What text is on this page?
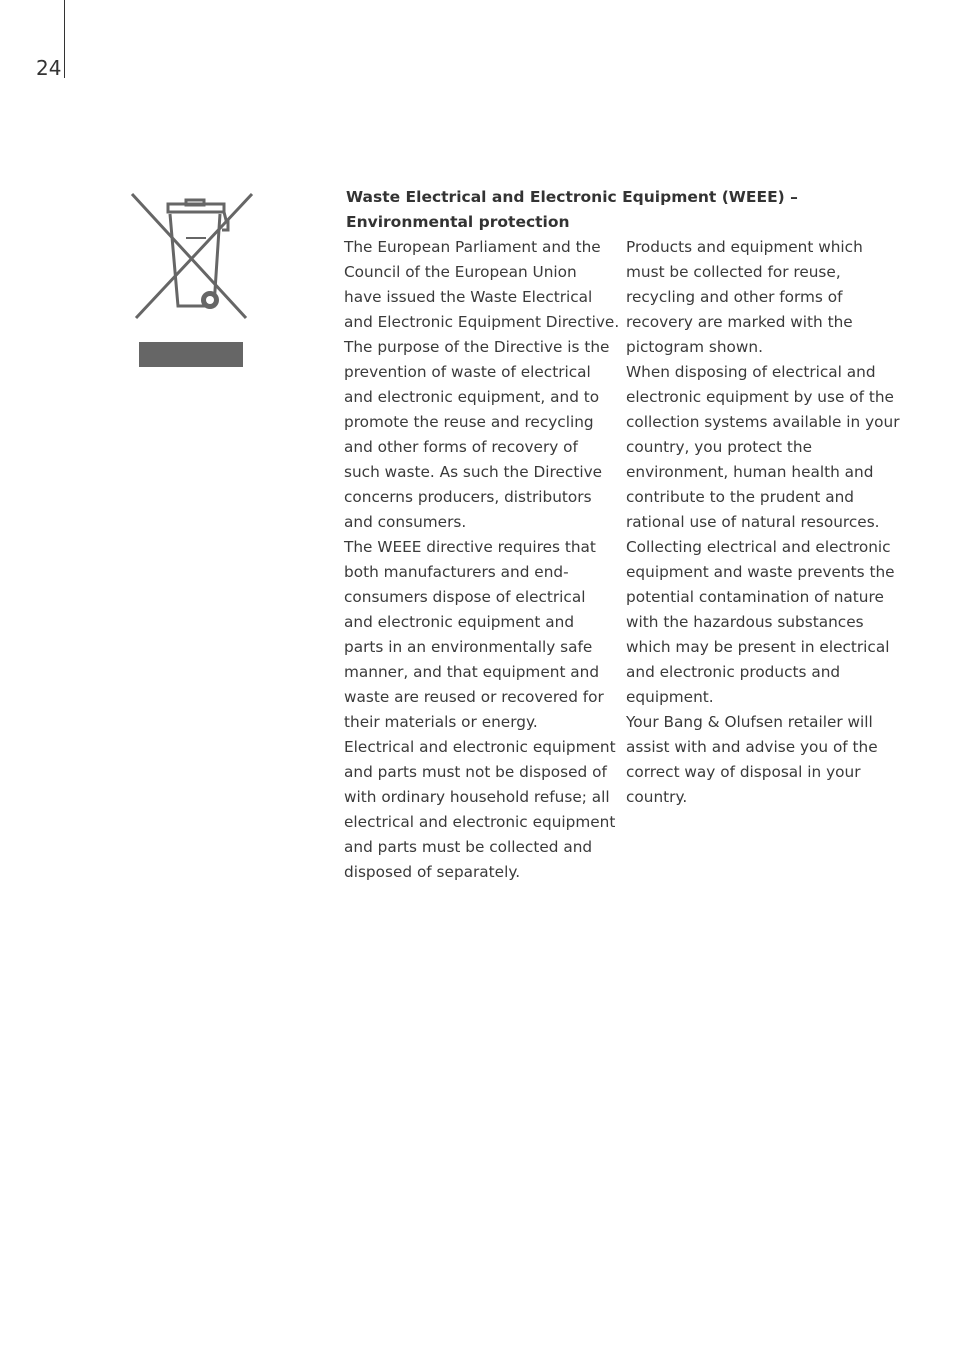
24
Waste Electrical and Electronic Equipment (WEEE) –
Environmental protection

The European Parliament and the
Council of the European Union
have issued the Waste Electrical
and Electronic Equipment Directive.

The purpose of the Directive is the
prevention of waste of electrical
and electronic equipment, and to
promote the reuse and recycling
and other forms of recovery of
such waste. As such the Directive
concerns producers, distributors
and consumers.

The WEEE directive requires that
both manufacturers and end-
consumers dispose of electrical
and electronic equipment and
parts in an environmentally safe
manner, and that equipment and
waste are reused or recovered for
their materials or energy.

Electrical and electronic equipment
and parts must not be disposed of
with ordinary household refuse; all
electrical and electronic equipment
and parts must be collected and
disposed of separately.

Products and equipment which
must be collected for reuse,
recycling and other forms of
recovery are marked with the
pictogram shown.

When disposing of electrical and
electronic equipment by use of the
collection systems available in your
country, you protect the
environment, human health and
contribute to the prudent and
rational use of natural resources.

Collecting electrical and electronic
equipment and waste prevents the
potential contamination of nature
with the hazardous substances
which may be present in electrical
and electronic products and
equipment.

Your Bang & Olufsen retailer will
assist with and advise you of the
correct way of disposal in your
country.
